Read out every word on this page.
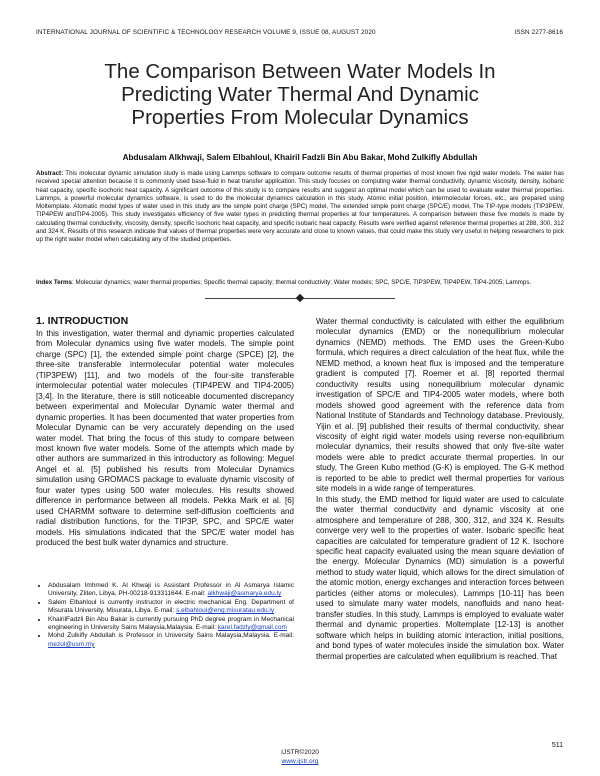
INTERNATIONAL JOURNAL OF SCIENTIFIC & TECHNOLOGY RESEARCH VOLUME 9, ISSUE 08, AUGUST 2020	ISSN 2277-8616
The Comparison Between Water Models In
Predicting Water Thermal And Dynamic
Properties From Molecular Dynamics
Abdusalam Alkhwaji, Salem Elbahloul, Khairil Fadzli Bin Abu Bakar, Mohd Zulkifly Abdullah
Abstract: This molecular dynamic simulation study is made using Lammps software to compare outcome results of thermal properties of most known five rigid water models. The water has received special attention because it is commonly used base-fluid in heat transfer application. This study focuses on computing water thermal conductivity, dynamic viscosity, density, isobaric heat capacity, specific isochoric heat capacity. A significant outcome of this study is to compare results and suggest an optimal model which can be used to evaluate water thermal properties. Lammps, a powerful molecular dynamics software, is used to do the molecular dynamics calculation in this study. Atomic initial position, intermolecular forces, etc., are prepared using Moltemplate. Atomatic model types of water used in this study are the simple point charge (SPC) model, The extended simple point charge (SPC/E) model, The TIP-type models (TIP3PEW, TIP4PEW andTIP4-2005). This study investigates efficiency of five water types in predicting thermal properties at four temperatures. A comparison between these five models is made by calculating thermal conductivity, viscosity, density, specific isochoric heat capacity, and specific isobaric heat capacity. Results were verified against reference thermal properties at 288, 300, 312 and 324 K. Results of this research indicate that values of thermal properties were very accurate and close to known values, that could make this study very useful in helping researchers to pick up the right water model when calculating any of the studied properties.
Index Terms: Molecular dynamics; water thermal properties; Specific thermal capacity; thermal conductivity; Water models; SPC, SPC/E, TIP3PEW, TIP4PEW, TIP4-2005; Lammps.
1. INTRODUCTION

In this investigation, water thermal and dynamic properties calculated from Molecular dynamics using five water models. The simple point charge (SPC) [1], the extended simple point charge (SPCE) [2], the three-site transferable intermolecular potential water molecules (TIP3PEW) [11], and two models of the four-site transferable intermolecular potential water molecules (TIP4PEW and TIP4-2005) [3,4]. In the literature, there is still noticeable documented discrepancy between experimental and Molecular Dynamic water thermal and dynamic properties. It has been documented that water properties from Molecular Dynamic can be very accurately depending on the used water model. That bring the focus of this study to compare between most known five water models. Some of the attempts which made by other authors are summarized in this introductory as following: Meguel Angel et al. [5] published his results from Molecular Dynamics simulation using GROMACS package to evaluate dynamic viscosity of four water types using 500 water molecules. His results showed difference in performance between all models. Pekka Mark et al. [6] used CHARMM software to determine self-diffusion coefficients and radial distribution functions, for the TIP3P, SPC, and SPC/E water models. His simulations indicated that the SPC/E water model has produced the best bulk water dynamics and structure.

• Abdusalam Imhmed K. Al Khwaji is Assistant Professor in Al Asmarya Islamic University, Zliten, Libya, PH-00218-913311644. E-mail: alkhwaji@asmarya.edu.ly
• Salem Elbahloul is currently instructor in electric mechanical Eng. Department of Misurata University, Misurata, Libya. E-mail: s.elbahloul@eng.misuratau.edu.ly
• KhairilFadzli Bin Abu Bakar is currently pursuing PhD degree program in Mechanical engineering in University Sains Malaysia,Malaysia. E-mail: karel.fadzly@gmail.com
• Mohd Zulkifly Abdullah is Professor in University Sains Malaysia,Malaysia. E-mail: mezul@usm.my

Water thermal conductivity is calculated with either the equilibrium molecular dynamics (EMD) or the nonequilibrium molecular dynamics (NEMD) methods. The EMD uses the Green-Kubo formula, which requires a direct calculation of the heat flux, while the NEMD method, a known heat flux is imposed and the temperature gradient is computed [7]. Roemer et al. [8] reported thermal conductivity results using nonequilibrium molecular dynamic investigation of SPC/E and TIP4-2005 water models, where both models showed good agreement with the reference data from National Institute of Standards and Technology database. Previously, Yijin et al. [9] published their results of thermal conductivity, shear viscosity of eight rigid water models using reverse non-equilibrium molecular dynamics, their results showed that only five-site water models were able to predict accurate thermal properties. In our study, The Green Kubo method (G-K) is employed. The G-K method is reported to be able to predict well thermal properties for various site models in a wide range of temperatures.

In this study, the EMD method for liquid water are used to calculate the water thermal conductivity and dynamic viscosity at one atmosphere and temperature of 288, 300, 312, and 324 K. Results converge very well to the properties of water. Isobaric specific heat capacities are calculated for temperature gradient of 12 K. Isochore specific heat capacity evaluated using the mean square deviation of the energy. Molecular Dynamics (MD) simulation is a powerful method to study water liquid, which allows for the direct simulation of the atomic motion, energy exchanges and interaction forces between particles (either atoms or molecules). Lammps [10-11] has been used to simulate many water models, nanofluids and nano heat-transfer studies. In this study, Lammps is employed to evaluate water thermal and dynamic properties. Moltemplate [12-13] is another software which helps in building atomic interaction, initial positions, and bond types of water molecules inside the simulation box. Water thermal properties are calculated when equilibrium is reached. That

511
IJSTR©2020
www.ijstr.org
